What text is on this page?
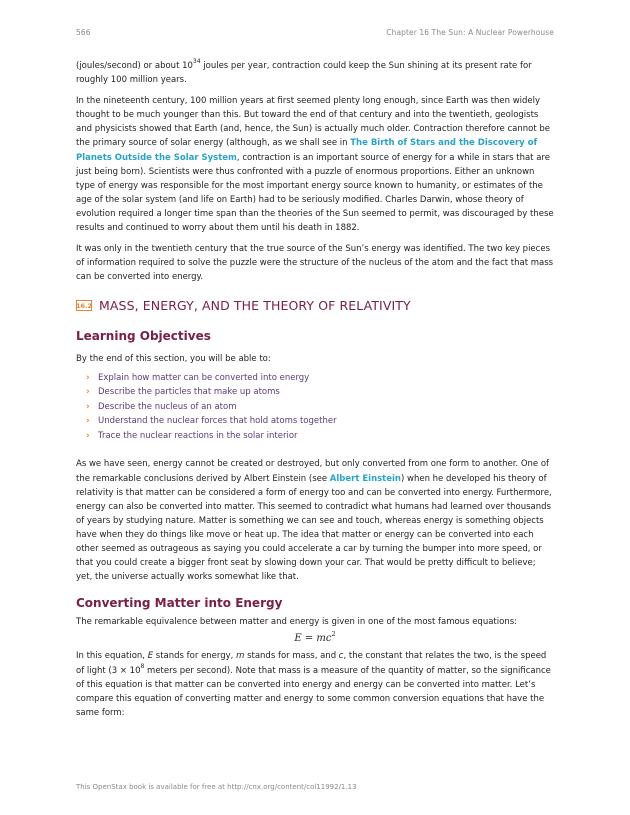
566	Chapter 16 The Sun: A Nuclear Powerhouse

(joules/second) or about $10^{34}$ joules per year, contraction could keep the Sun shining at its present rate for roughly 100 million years.

In the nineteenth century, 100 million years at first seemed plenty long enough, since Earth was then widely thought to be much younger than this. But toward the end of that century and into the twentieth, geologists and physicists showed that Earth (and, hence, the Sun) is actually much older. Contraction therefore cannot be the primary source of solar energy (although, as we shall see in The Birth of Stars and the Discovery of Planets Outside the Solar System, contraction is an important source of energy for a while in stars that are just being born). Scientists were thus confronted with a puzzle of enormous proportions. Either an unknown type of energy was responsible for the most important energy source known to humanity, or estimates of the age of the solar system (and life on Earth) had to be seriously modified. Charles Darwin, whose theory of evolution required a longer time span than the theories of the Sun seemed to permit, was discouraged by these results and continued to worry about them until his death in 1882.

It was only in the twentieth century that the true source of the Sun’s energy was identified. The two key pieces of information required to solve the puzzle were the structure of the nucleus of the atom and the fact that mass can be converted into energy.

16.2 MASS, ENERGY, AND THE THEORY OF RELATIVITY
Learning Objectives

By the end of this section, you will be able to:

› Explain how matter can be converted into energy
› Describe the particles that make up atoms
› Describe the nucleus of an atom
› Understand the nuclear forces that hold atoms together
› Trace the nuclear reactions in the solar interior

As we have seen, energy cannot be created or destroyed, but only converted from one form to another. One of the remarkable conclusions derived by Albert Einstein (see Albert Einstein) when he developed his theory of relativity is that matter can be considered a form of energy too and can be converted into energy. Furthermore, energy can also be converted into matter. This seemed to contradict what humans had learned over thousands of years by studying nature. Matter is something we can see and touch, whereas energy is something objects have when they do things like move or heat up. The idea that matter or energy can be converted into each other seemed as outrageous as saying you could accelerate a car by turning the bumper into more speed, or that you could create a bigger front seat by slowing down your car. That would be pretty difficult to believe; yet, the universe actually works somewhat like that.

Converting Matter into Energy

The remarkable equivalence between matter and energy is given in one of the most famous equations:

$E = mc^2$

In this equation, E stands for energy, m stands for mass, and c, the constant that relates the two, is the speed of light ($3 \times 10^8$ meters per second). Note that mass is a measure of the quantity of matter, so the significance of this equation is that matter can be converted into energy and energy can be converted into matter. Let’s compare this equation of converting matter and energy to some common conversion equations that have the same form:

This OpenStax book is available for free at http://cnx.org/content/col11992/1.13
